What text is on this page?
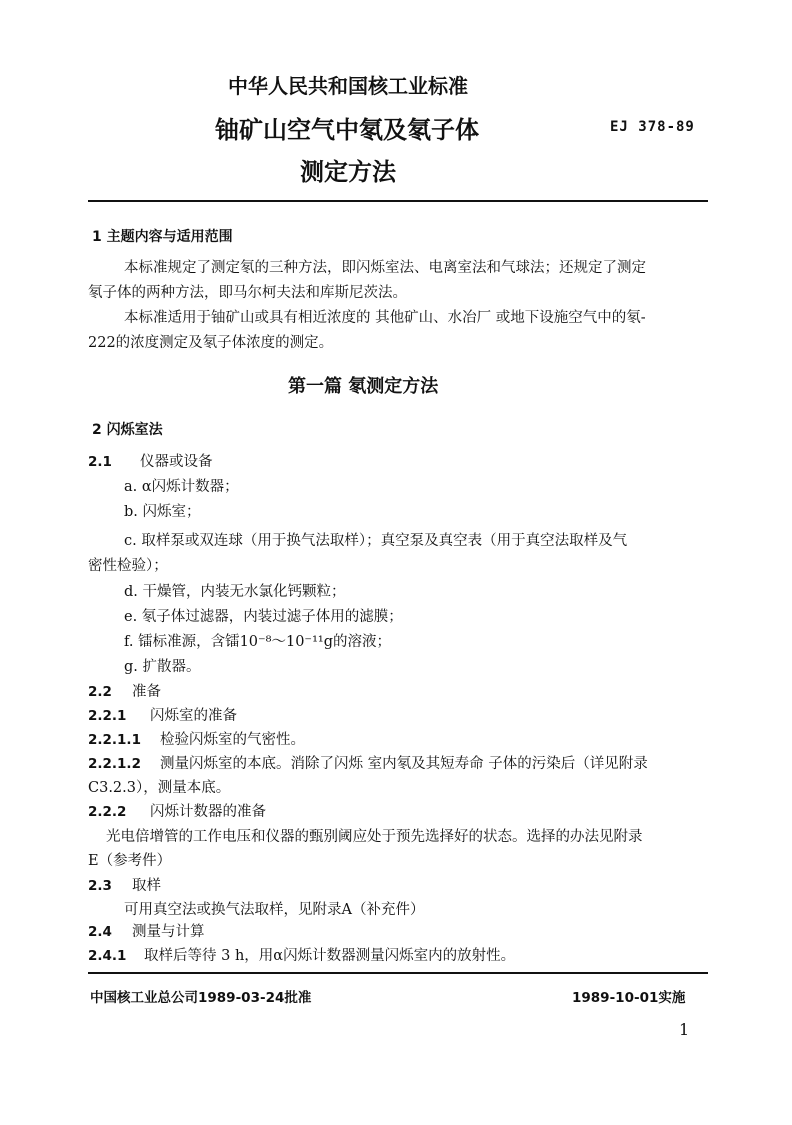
中华人民共和国核工业标准
铀矿山空气中氡及氡子体
测定方法
EJ 378-89
1 主题内容与适用范围
本标准规定了测定氡的三种方法，即闪烁室法、电离室法和气球法；还规定了测定
氡子体的两种方法，即马尔柯夫法和库斯尼茨法。
本标准适用于铀矿山或具有相近浓度的 其他矿山、水冶厂 或地下设施空气中的氡-
222的浓度测定及氡子体浓度的测定。
第一篇 氡测定方法
2 闪烁室法
2.1 仪器或设备
a. α闪烁计数器；
b. 闪烁室；
c. 取样泵或双连球（用于换气法取样）；真空泵及真空表（用于真空法取样及气
密性检验）；
d. 干燥管，内装无水氯化钙颗粒；
e. 氡子体过滤器，内装过滤子体用的滤膜；
f. 镭标准源，含镭10⁻⁸～10⁻¹¹g的溶液；
g. 扩散器。
2.2 准备
2.2.1 闪烁室的准备
2.2.1.1 检验闪烁室的气密性。
2.2.1.2 测量闪烁室的本底。消除了闪烁 室内氡及其短寿命 子体的污染后（详见附录
C3.2.3），测量本底。
2.2.2 闪烁计数器的准备
光电倍增管的工作电压和仪器的甄别阈应处于预先选择好的状态。选择的办法见附录
E（参考件）
2.3 取样
可用真空法或换气法取样，见附录A（补充件）
2.4 测量与计算
2.4.1 取样后等待 3 h，用α闪烁计数器测量闪烁室内的放射性。
中国核工业总公司1989-03-24批准	1989-10-01实施
1
